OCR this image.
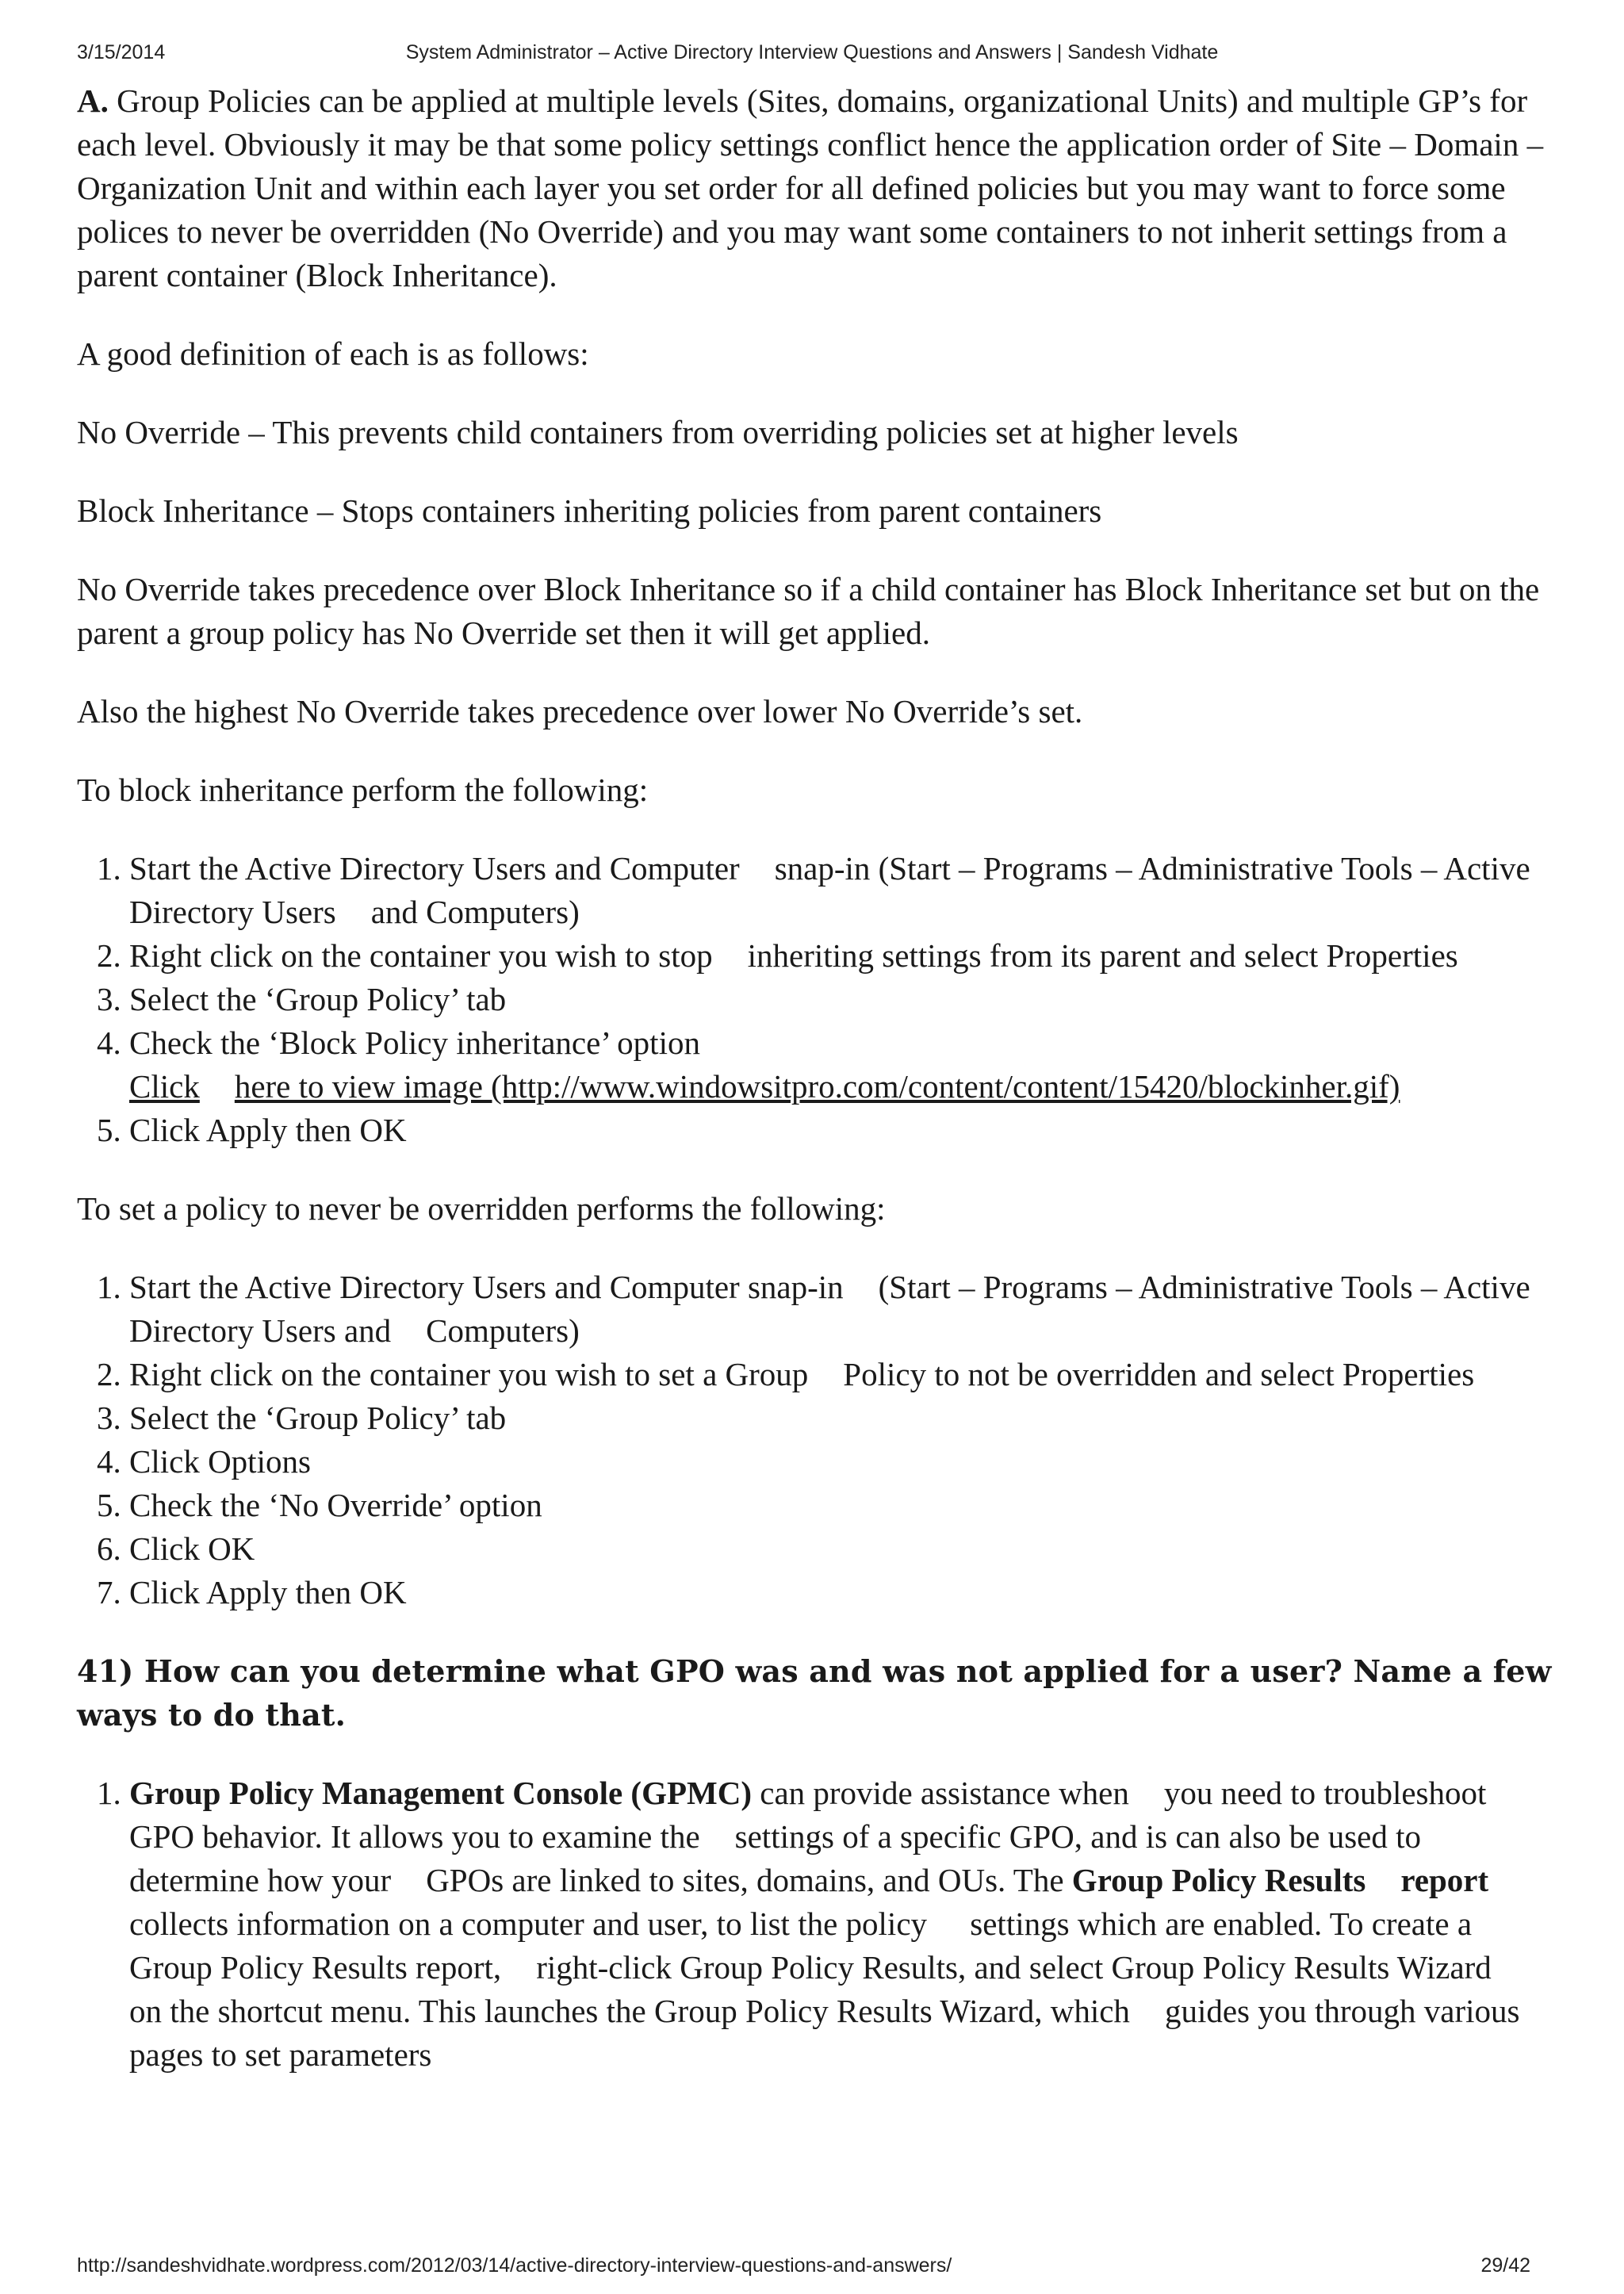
3/15/2014	System Administrator – Active Directory Interview Questions and Answers | Sandesh Vidhate

A. Group Policies can be applied at multiple levels (Sites, domains, organizational Units) and multiple GP’s for each level. Obviously it may be that some policy settings conflict hence the application order of Site – Domain – Organization Unit and within each layer you set order for all defined policies but you may want to force some polices to never be overridden (No Override) and you may want some containers to not inherit settings from a parent container (Block Inheritance).

A good definition of each is as follows:

No Override – This prevents child containers from overriding policies set at higher levels

Block Inheritance – Stops containers inheriting policies from parent containers

No Override takes precedence over Block Inheritance so if a child container has Block Inheritance set but on the parent a group policy has No Override set then it will get applied.

Also the highest No Override takes precedence over lower No Override’s set.

To block inheritance perform the following:

1. Start the Active Directory Users and Computer snap-in (Start – Programs – Administrative Tools – Active Directory Users and Computers)
2. Right click on the container you wish to stop inheriting settings from its parent and select Properties
3. Select the ‘Group Policy’ tab
4. Check the ‘Block Policy inheritance’ option
Click here to view image (http://www.windowsitpro.com/content/content/15420/blockinher.gif)
5. Click Apply then OK

To set a policy to never be overridden performs the following:

1. Start the Active Directory Users and Computer snap-in (Start – Programs – Administrative Tools – Active Directory Users and Computers)
2. Right click on the container you wish to set a Group Policy to not be overridden and select Properties
3. Select the ‘Group Policy’ tab
4. Click Options
5. Check the ‘No Override’ option
6. Click OK
7. Click Apply then OK
41) How can you determine what GPO was and was not applied for a user? Name a few ways to do that.
1. Group Policy Management Console (GPMC) can provide assistance when you need to troubleshoot GPO behavior. It allows you to examine the settings of a specific GPO, and is can also be used to determine how your GPOs are linked to sites, domains, and OUs. The Group Policy Results report collects information on a computer and user, to list the policy settings which are enabled. To create a Group Policy Results report, right-click Group Policy Results, and select Group Policy Results Wizardon the shortcut menu. This launches the Group Policy Results Wizard, which guides you through various pages to set parameters
http://sandeshvidhate.wordpress.com/2012/03/14/active-directory-interview-questions-and-answers/	29/42
